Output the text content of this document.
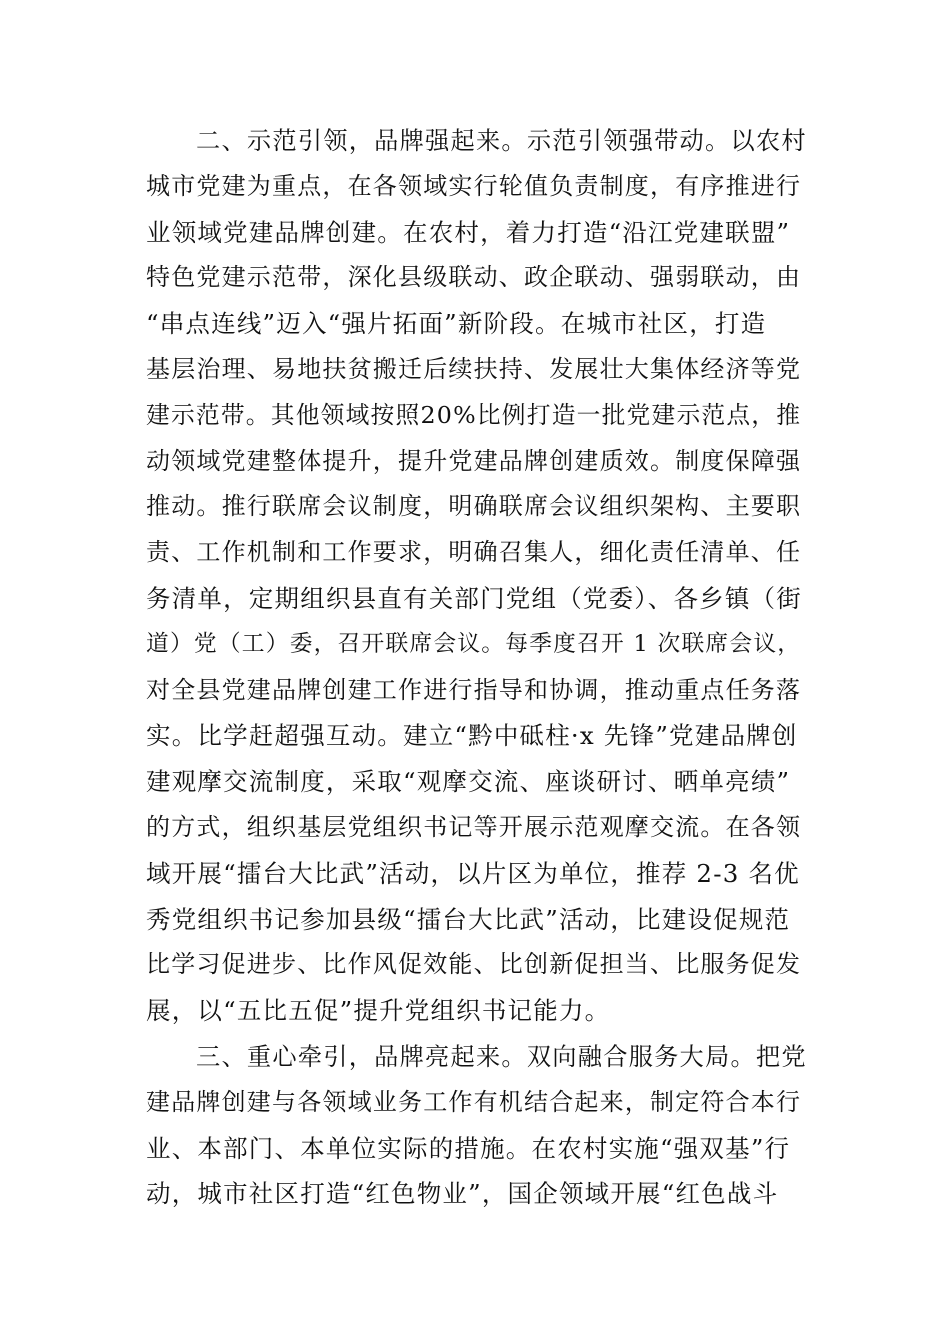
二、示范引领，品牌强起来。示范引领强带动。以农村
城市党建为重点，在各领域实行轮值负责制度，有序推进行
业领域党建品牌创建。在农村，着力打造“沿江党建联盟”
特色党建示范带，深化县级联动、政企联动、强弱联动，由
“串点连线”迈入“强片拓面”新阶段。在城市社区，打造
基层治理、易地扶贫搬迁后续扶持、发展壮大集体经济等党
建示范带。其他领域按照20%比例打造一批党建示范点，推
动领域党建整体提升，提升党建品牌创建质效。制度保障强
推动。推行联席会议制度，明确联席会议组织架构、主要职
责、工作机制和工作要求，明确召集人，细化责任清单、任
务清单，定期组织县直有关部门党组（党委）、各乡镇（街
道）党（工）委，召开联席会议。每季度召开 1 次联席会议，
对全县党建品牌创建工作进行指导和协调，推动重点任务落
实。比学赶超强互动。建立“黔中砥柱·x 先锋”党建品牌创
建观摩交流制度，采取“观摩交流、座谈研讨、晒单亮绩”
的方式，组织基层党组织书记等开展示范观摩交流。在各领
域开展“擂台大比武”活动，以片区为单位，推荐 2-3 名优
秀党组织书记参加县级“擂台大比武”活动，比建设促规范
比学习促进步、比作风促效能、比创新促担当、比服务促发
展，以“五比五促”提升党组织书记能力。
三、重心牵引，品牌亮起来。双向融合服务大局。把党
建品牌创建与各领域业务工作有机结合起来，制定符合本行
业、本部门、本单位实际的措施。在农村实施“强双基”行
动，城市社区打造“红色物业”，国企领域开展“红色战斗
